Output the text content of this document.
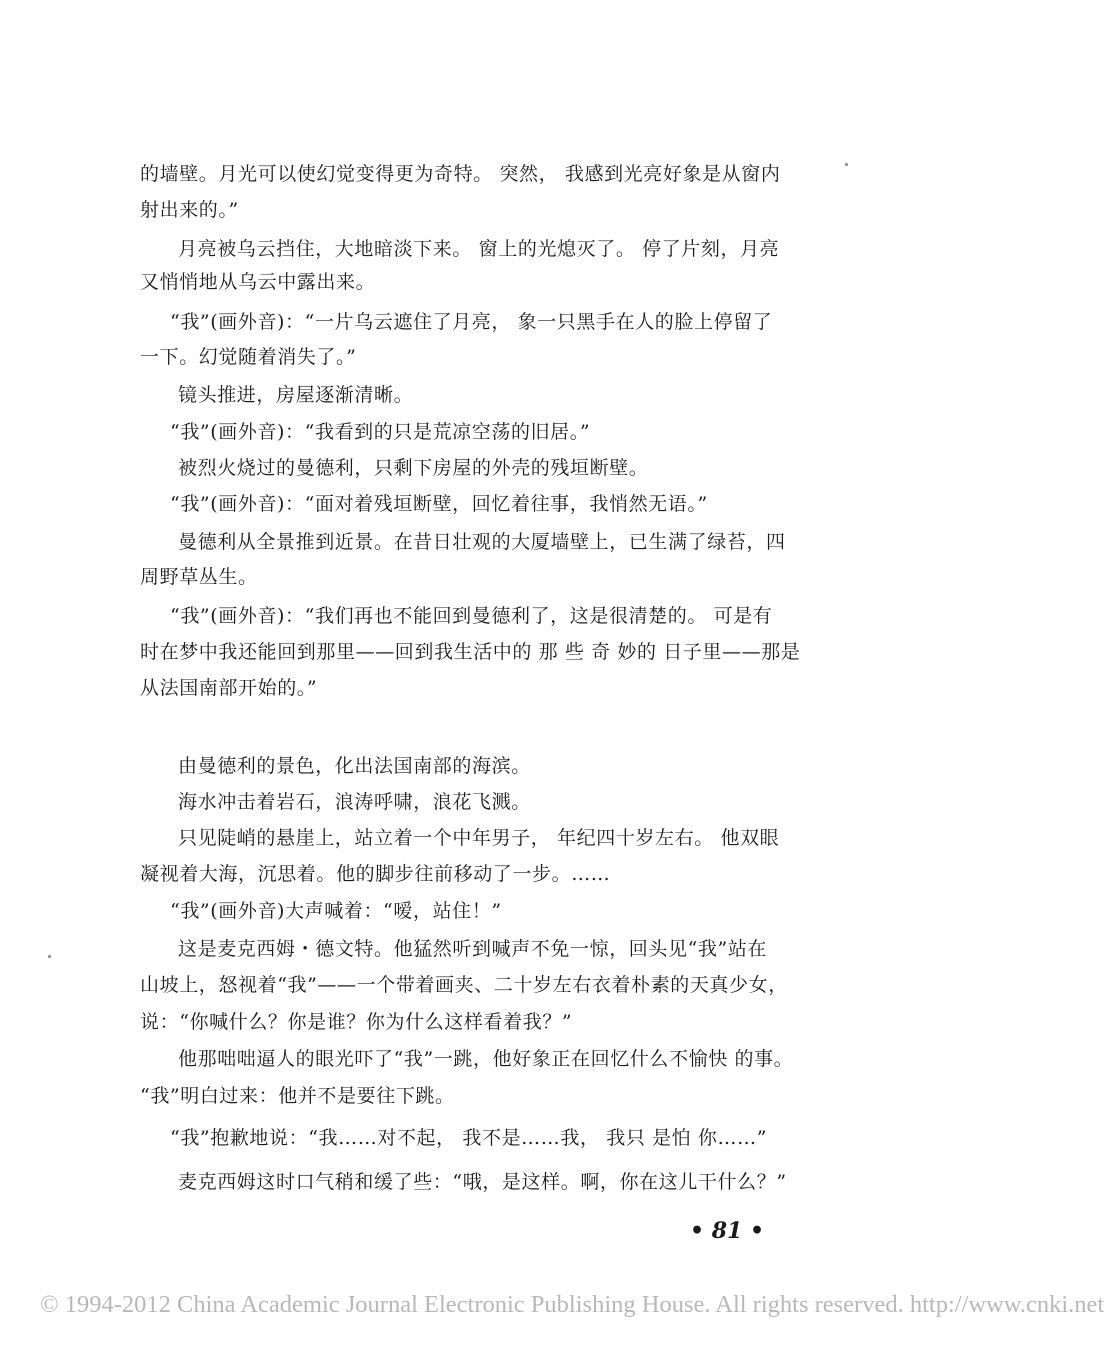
的墙壁。月光可以使幻觉变得更为奇特。 突然， 我感到光亮好象是从窗内
射出来的。”
月亮被乌云挡住，大地暗淡下来。 窗上的光熄灭了。 停了片刻，月亮
又悄悄地从乌云中露出来。
“我”(画外音)：“一片乌云遮住了月亮， 象一只黑手在人的脸上停留了
一下。幻觉随着消失了。”
镜头推进，房屋逐渐清晰。
“我”(画外音)：“我看到的只是荒凉空荡的旧居。”
被烈火烧过的曼德利，只剩下房屋的外壳的残垣断壁。
“我”(画外音)：“面对着残垣断壁，回忆着往事，我悄然无语。”
曼德利从全景推到近景。在昔日壮观的大厦墙壁上，已生满了绿苔，四
周野草丛生。
“我”(画外音)：“我们再也不能回到曼德利了，这是很清楚的。 可是有
时在梦中我还能回到那里——回到我生活中的 那 些 奇 妙的 日子里——那是
从法国南部开始的。”
由曼德利的景色，化出法国南部的海滨。
海水冲击着岩石，浪涛呼啸，浪花飞溅。
只见陡峭的悬崖上，站立着一个中年男子， 年纪四十岁左右。 他双眼
凝视着大海，沉思着。他的脚步往前移动了一步。……
“我”(画外音)大声喊着：“嗳，站住！”
这是麦克西姆・德文特。他猛然听到喊声不免一惊，回头见“我”站在
山坡上，怒视着“我”——一个带着画夹、二十岁左右衣着朴素的天真少女，
说：“你喊什么？你是谁？你为什么这样看着我？”
他那咄咄逼人的眼光吓了“我”一跳，他好象正在回忆什么不愉快 的事。
“我”明白过来：他并不是要往下跳。
“我”抱歉地说：“我……对不起， 我不是……我， 我只 是怕 你……”
麦克西姆这时口气稍和缓了些：“哦，是这样。啊，你在这儿干什么？”
• 81 •
© 1994-2012 China Academic Journal Electronic Publishing House. All rights reserved. http://www.cnki.net
